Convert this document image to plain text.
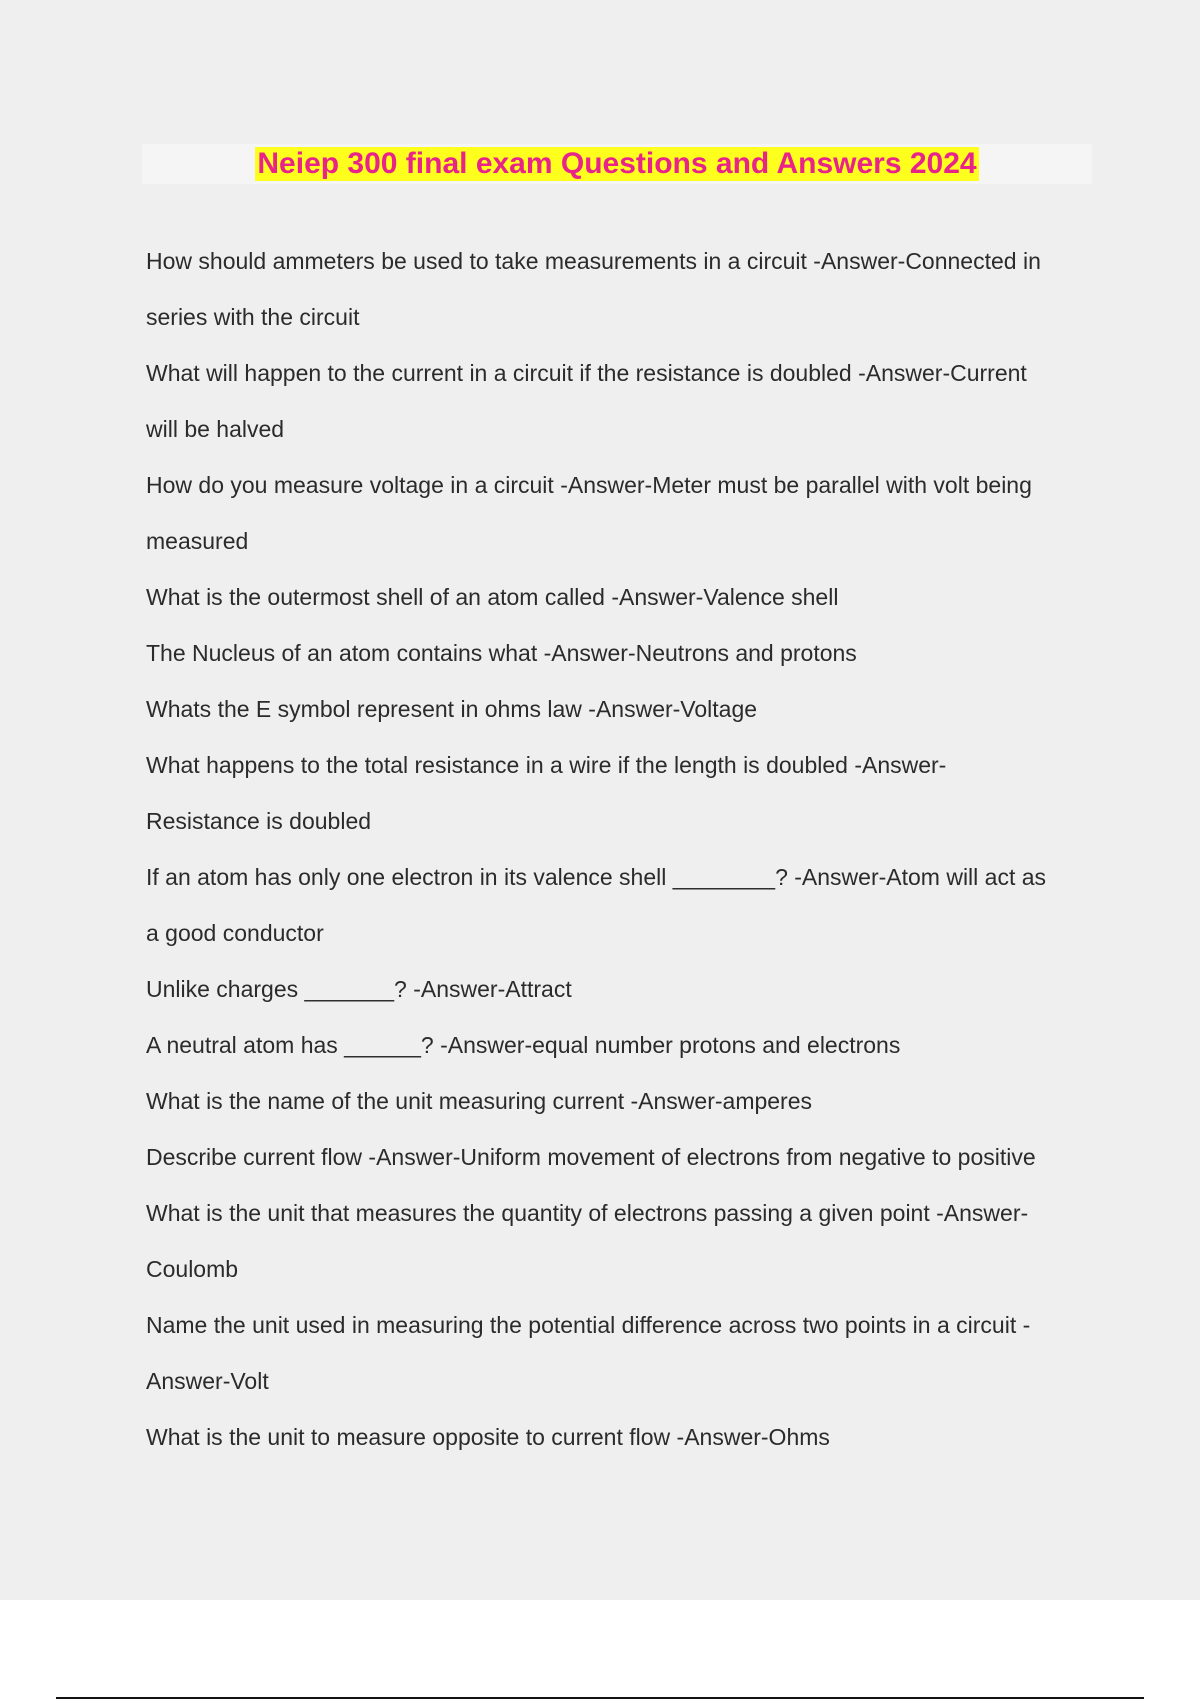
Neiep 300 final exam Questions and Answers 2024
How should ammeters be used to take measurements in a circuit -Answer-Connected in
series with the circuit
What will happen to the current in a circuit if the resistance is doubled -Answer-Current
will be halved
How do you measure voltage in a circuit -Answer-Meter must be parallel with volt being
measured
What is the outermost shell of an atom called -Answer-Valence shell
The Nucleus of an atom contains what -Answer-Neutrons and protons
Whats the E symbol represent in ohms law -Answer-Voltage
What happens to the total resistance in a wire if the length is doubled -Answer-
Resistance is doubled
If an atom has only one electron in its valence shell ________? -Answer-Atom will act as
a good conductor
Unlike charges _______? -Answer-Attract
A neutral atom has ______? -Answer-equal number protons and electrons
What is the name of the unit measuring current -Answer-amperes
Describe current flow -Answer-Uniform movement of electrons from negative to positive
What is the unit that measures the quantity of electrons passing a given point -Answer-
Coulomb
Name the unit used in measuring the potential difference across two points in a circuit -
Answer-Volt
What is the unit to measure opposite to current flow -Answer-Ohms
